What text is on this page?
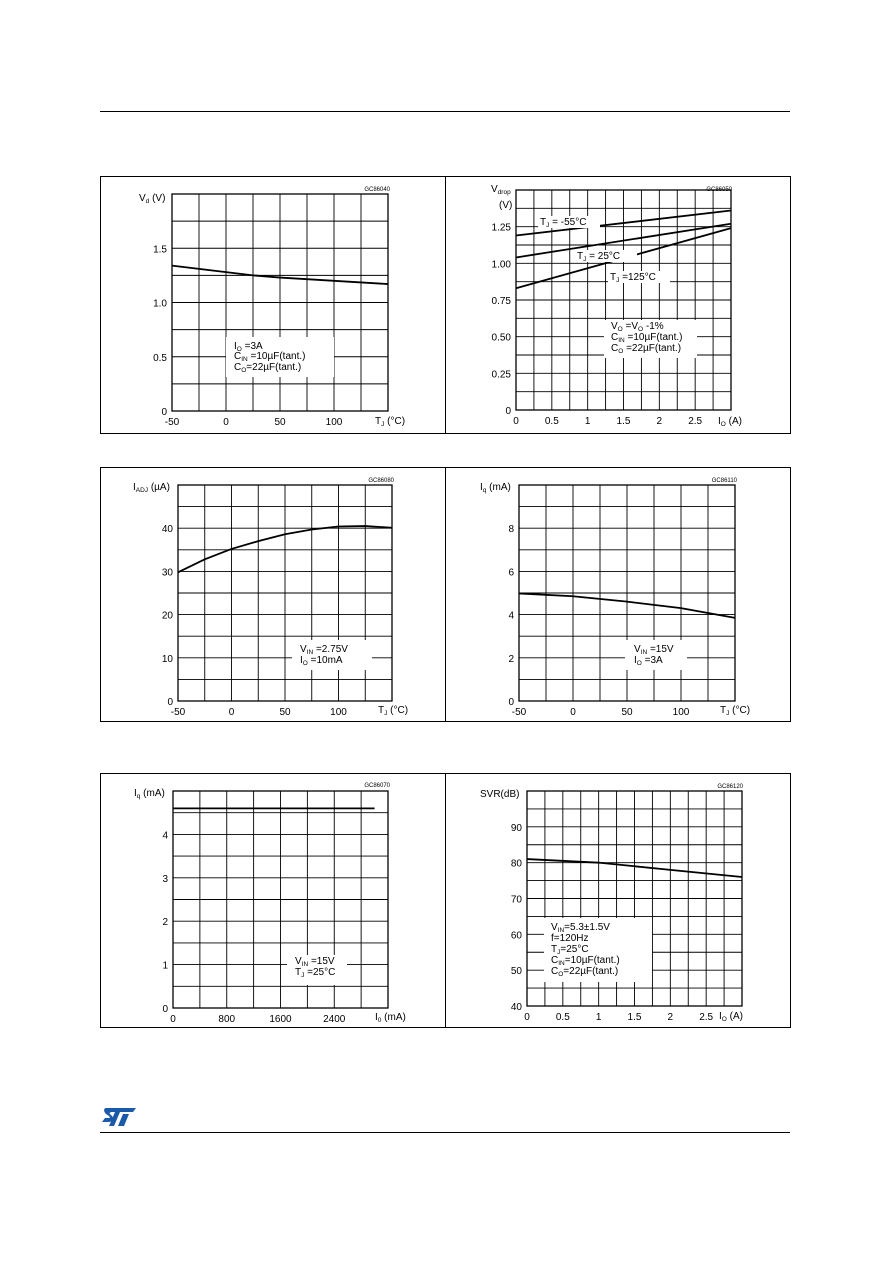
-50	0	50	100
0
0.5
1.0
1.5
GC86040
$V_d$ (V)
$T_J$ (°C)
$I_O =3A$
$C_{IN} =10\mu F(\tan t.)$
$C_O=22\mu F(\tan t.)$
$T_J = -55^\circ C$
$T_J = 25^\circ C$
$T_J =125^\circ C$
0	0.5	1	1.5	2	2.5
0
0.25
0.50
0.75
1.00
1.25
GC86050
$V_{drop}$
(V)
$I_O$ (A)
$V_O =V_O$ -1%
$C_{IN} =10\mu F(\tan t.)$
$C_O =22\mu F(\tan t.)$
-50	0	50	100
0
10
20
30
40
GC86080
$I_{ADJ}$ (µA)
$T_J$ (°C)
$V_{IN} =2.75V$
$I_O =10mA$
-50	0	50	100
0
2
4
6
8
GC86110
$I_q$ (mA)
$T_J$ (°C)
$V_{IN} =15V$
$I_O =3A$
0	800	1600	2400
0
1
2
3
4
GC86070
$I_q$ (mA)
$I_0$ (mA)
$V_{IN} =15V$
$T_J =25^\circ C$
0	0.5	1	1.5	2	2.5
40
50
60
70
80
90
GC86120
SVR(dB)
$I_O$ (A)
$V_{IN}=5.3\pm 1.5V$
f=120Hz
$T_J=25^\circ C$
$C_{IN}=10\mu F(\tan t.)$
$C_O=22\mu F(\tan t.)$
